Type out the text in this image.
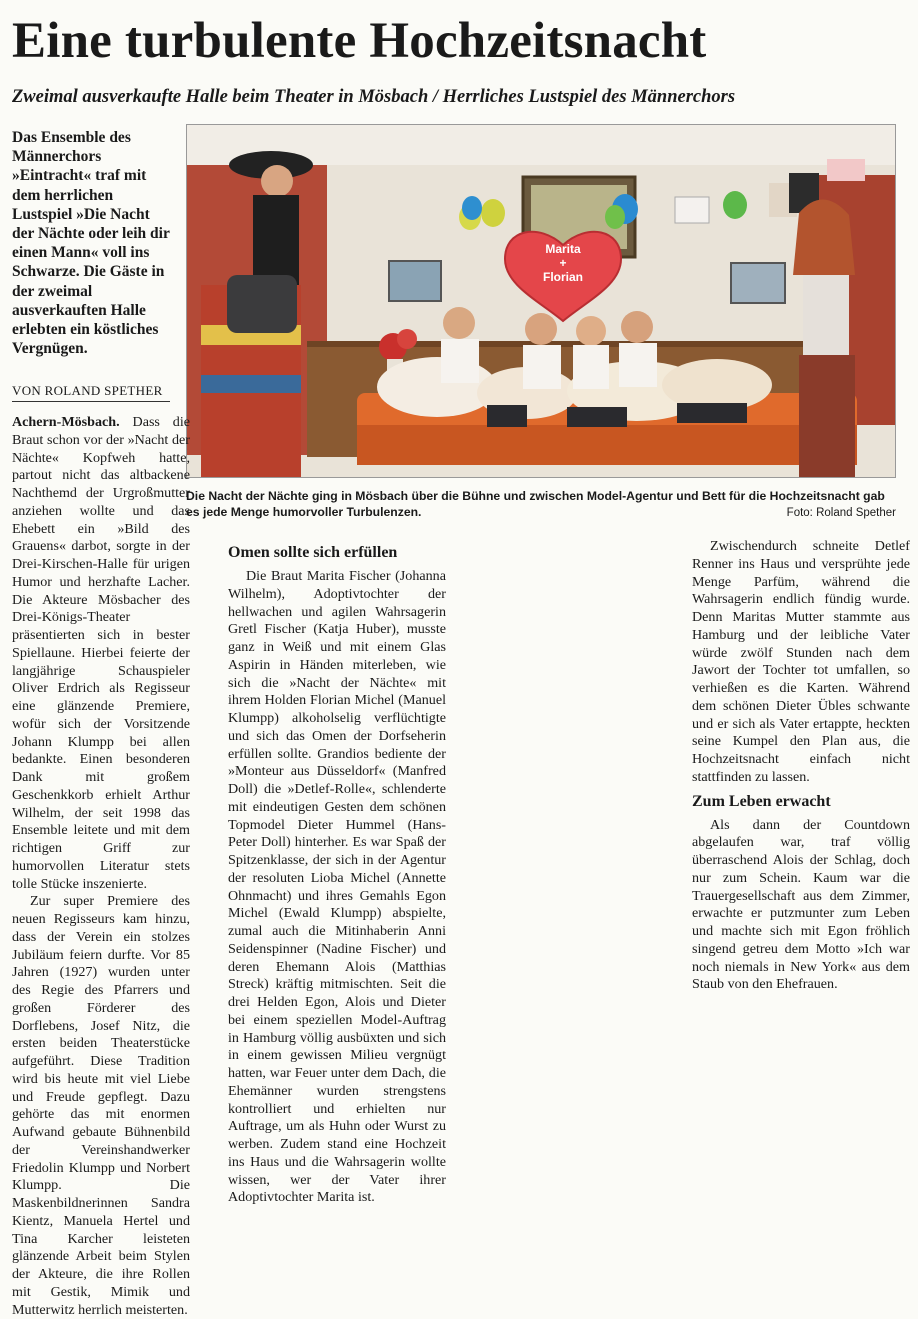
Eine turbulente Hochzeitsnacht
Zweimal ausverkaufte Halle beim Theater in Mösbach / Herrliches Lustspiel des Männerchors

Das Ensemble des Männerchors »Eintracht« traf mit dem herrlichen Lustspiel »Die Nacht der Nächte oder leih dir einen Mann« voll ins Schwarze. Die Gäste in der zweimal ausverkauften Halle erlebten ein köstliches Vergnügen.

VON ROLAND SPETHER
Marita
+
Florian
Die Nacht der Nächte ging in Mösbach über die Bühne und zwischen Model-Agentur und Bett für die Hochzeitsnacht gab es jede Menge humorvoller Turbulenzen.	Foto: Roland Spether

Achern-Mösbach. Dass die Braut schon vor der »Nacht der Nächte« Kopfweh hatte, partout nicht das altbackene Nachthemd der Urgroßmutter anziehen wollte und das Ehebett ein »Bild des Grauens« darbot, sorgte in der Drei-Kirschen-Halle für urigen Humor und herzhafte Lacher. Die Akteure Mösbacher des Drei-Königs-Theater präsentierten sich in bester Spiellaune. Hierbei feierte der langjährige Schauspieler Oliver Erdrich als Regisseur eine glänzende Premiere, wofür sich der Vorsitzende Johann Klumpp bei allen bedankte. Einen besonderen Dank mit großem Geschenkkorb erhielt Arthur Wilhelm, der seit 1998 das Ensemble leitete und mit dem richtigen Griff zur humorvollen Literatur stets tolle Stücke inszenierte.

Zur super Premiere des neuen Regisseurs kam hinzu, dass der Verein ein stolzes Jubiläum feiern durfte. Vor 85 Jahren (1927) wurden unter des Regie des Pfarrers und großen Förderer des Dorflebens, Josef Nitz, die ersten beiden Theaterstücke aufgeführt. Diese Tradition wird bis heute mit viel Liebe und Freude gepflegt. Dazu gehörte das mit enormen Aufwand gebaute Bühnenbild der Vereinshandwerker Friedolin Klumpp und Norbert Klumpp. Die Maskenbildnerinnen Sandra Kientz, Manuela Hertel und Tina Karcher leisteten glänzende Arbeit beim Stylen der Akteure, die ihre Rollen mit Gestik, Mimik und Mutterwitz herrlich meisterten.

Omen sollte sich erfüllen

Die Braut Marita Fischer (Johanna Wilhelm), Adoptivtochter der hellwachen und agilen Wahrsagerin Gretl Fischer (Katja Huber), musste ganz in Weiß und mit einem Glas Aspirin in Händen miterleben, wie sich die »Nacht der Nächte« mit ihrem Holden Florian Michel (Manuel Klumpp) alkoholselig verflüchtigte und sich das Omen der Dorfseherin erfüllen sollte. Grandios bediente der »Monteur aus Düsseldorf« (Manfred Doll) die »Detlef-Rolle«, schlenderte mit eindeutigen Gesten dem schönen Topmodel Dieter Hummel (Hans-Peter Doll) hinterher. Es war Spaß der Spitzenklasse, der sich in der Agentur der resoluten Lioba Michel (Annette Ohnmacht) und ihres Gemahls Egon Michel (Ewald Klumpp) abspielte, zumal auch die Mitinhaberin Anni Seidenspinner (Nadine Fischer) und deren Ehemann Alois (Matthias Streck) kräftig mitmischten. Seit die drei Helden Egon, Alois und Dieter bei einem speziellen Model-Auftrag in Hamburg völlig ausbüxten und sich in einem gewissen Milieu vergnügt hatten, war Feuer unter dem Dach, die Ehemänner wurden strengstens kontrolliert und erhielten nur Auftrage, um als Huhn oder Wurst zu werben. Zudem stand eine Hochzeit ins Haus und die Wahrsagerin wollte wissen, wer der Vater ihrer Adoptivtochter Marita ist.

Zwischendurch schneite Detlef Renner ins Haus und versprühte jede Menge Parfüm, während die Wahrsagerin endlich fündig wurde. Denn Maritas Mutter stammte aus Hamburg und der leibliche Vater würde zwölf Stunden nach dem Jawort der Tochter tot umfallen, so verhießen es die Karten. Während dem schönen Dieter Übles schwante und er sich als Vater ertappte, heckten seine Kumpel den Plan aus, die Hochzeitsnacht einfach nicht stattfinden zu lassen.

Zum Leben erwacht

Als dann der Countdown abgelaufen war, traf völlig überraschend Alois der Schlag, doch nur zum Schein. Kaum war die Trauergesellschaft aus dem Zimmer, erwachte er putzmunter zum Leben und machte sich mit Egon fröhlich singend getreu dem Motto »Ich war noch niemals in New York« aus dem Staub von den Ehefrauen.
